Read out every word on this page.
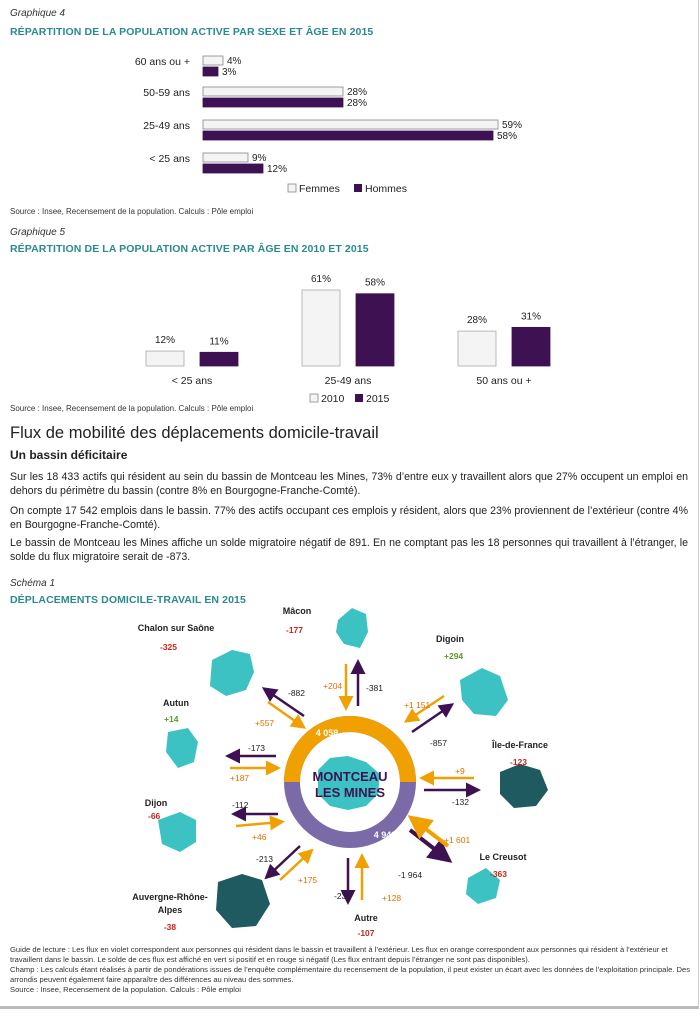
Graphique 4
RÉPARTITION DE LA POPULATION ACTIVE PAR SEXE ET ÂGE EN 2015
60 ans ou +	4%
3%
50-59 ans	28%
28%
25-49 ans	59%
58%
< 25 ans	9%
12%
Femmes Hommes
Source : Insee, Recensement de la population. Calculs : Pôle emploi
Graphique 5
RÉPARTITION DE LA POPULATION ACTIVE PAR ÂGE EN 2010 ET 2015
12%	11%
< 25 ans
61%	58%
25-49 ans
28%	31%
50 ans ou +
2010 2015
Source : Insee, Recensement de la population. Calculs : Pôle emploi
Flux de mobilité des déplacements domicile-travail
Un bassin déficitaire
Sur les 18 433 actifs qui résident au sein du bassin de Montceau les Mines, 73% d’entre eux y travaillent alors que 27% occupent un emploi en dehors du périmètre du bassin (contre 8% en Bourgogne-Franche-Comté).
On compte 17 542 emplois dans le bassin. 77% des actifs occupant ces emplois y résident, alors que 23% proviennent de l’extérieur (contre 4% en Bourgogne-Franche-Comté).
Le bassin de Montceau les Mines affiche un solde migratoire négatif de 891. En ne comptant pas les 18 personnes qui travaillent à l’étranger, le solde du flux migratoire serait de -873.
Schéma 1
DÉPLACEMENTS DOMICILE-TRAVAIL EN 2015
MONTCEAU
LES MINES
4 058
4 949
Chalon sur Saône
-325
Mâcon
-177
Digoin
+294
Autun
+14
Île-de-France
-123
Dijon
-66
Le Creusot
-363
Auvergne-Rhône-
Alpes
-38
Autre
-107
-882
+557
-381
+204
-857
+1 151
-173
+187
-132
+9
-112
+46
-1 964
+1 601
-213
+175
-235	+128
Guide de lecture : Les flux en violet correspondent aux personnes qui résident dans le bassin et travaillent à l’extérieur. Les flux en orange correspondent aux personnes qui résident à l’extérieur et travaillent dans le bassin. Le solde de ces flux est affiché en vert si positif et en rouge si négatif (Les flux entrant depuis l’étranger ne sont pas disponibles).
Champ : Les calculs étant réalisés à partir de pondérations issues de l’enquête complémentaire du recensement de la population, il peut exister un écart avec les données de l’exploitation principale. Des arrondis peuvent également faire apparaître des différences au niveau des sommes.
Source : Insee, Recensement de la population. Calculs : Pôle emploi
